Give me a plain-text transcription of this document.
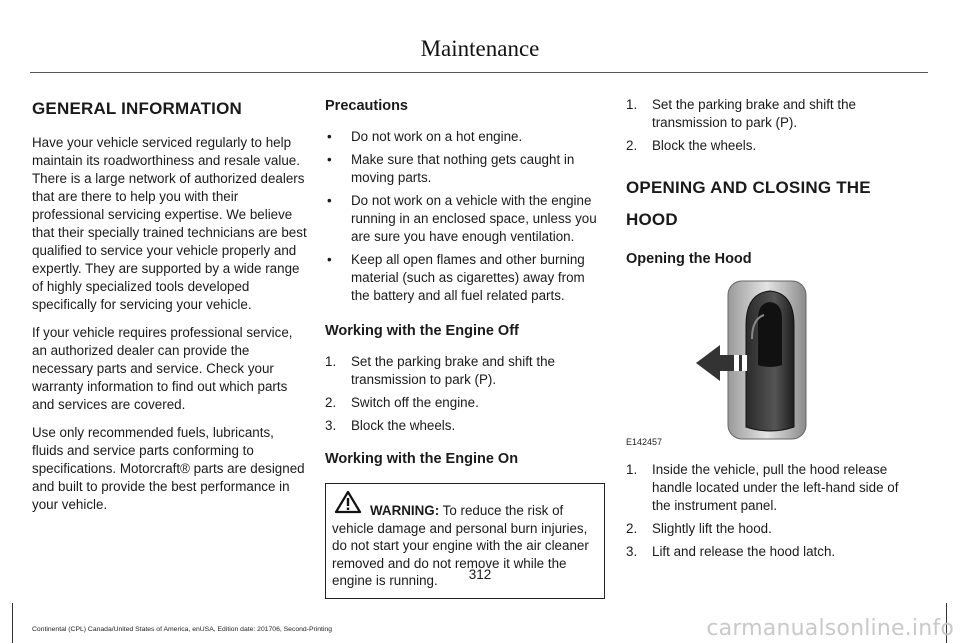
Maintenance
GENERAL INFORMATION

Have your vehicle serviced regularly to help maintain its roadworthiness and resale value. There is a large network of authorized dealers that are there to help you with their professional servicing expertise. We believe that their specially trained technicians are best qualified to service your vehicle properly and expertly. They are supported by a wide range of highly specialized tools developed specifically for servicing your vehicle.

If your vehicle requires professional service, an authorized dealer can provide the necessary parts and service. Check your warranty information to find out which parts and services are covered.

Use only recommended fuels, lubricants, fluids and service parts conforming to specifications. Motorcraft® parts are designed and built to provide the best performance in your vehicle.

Precautions
• Do not work on a hot engine.
• Make sure that nothing gets caught in moving parts.
• Do not work on a vehicle with the engine running in an enclosed space, unless you are sure you have enough ventilation.
• Keep all open flames and other burning material (such as cigarettes) away from the battery and all fuel related parts.
Working with the Engine Off
1. Set the parking brake and shift the transmission to park (P).
2. Switch off the engine.
3. Block the wheels.
Working with the Engine On
WARNING: To reduce the risk of vehicle damage and personal burn injuries, do not start your engine with the air cleaner removed and do not remove it while the engine is running.
1. Set the parking brake and shift the transmission to park (P).
2. Block the wheels.
OPENING AND CLOSING THE
HOOD
Opening the Hood
E142457
1. Inside the vehicle, pull the hood release handle located under the left-hand side of the instrument panel.
2. Slightly lift the hood.
3. Lift and release the hood latch.
312
Continental (CPL) Canada/United States of America, enUSA, Edition date: 201706, Second-Printing	carmanualsonline.info
